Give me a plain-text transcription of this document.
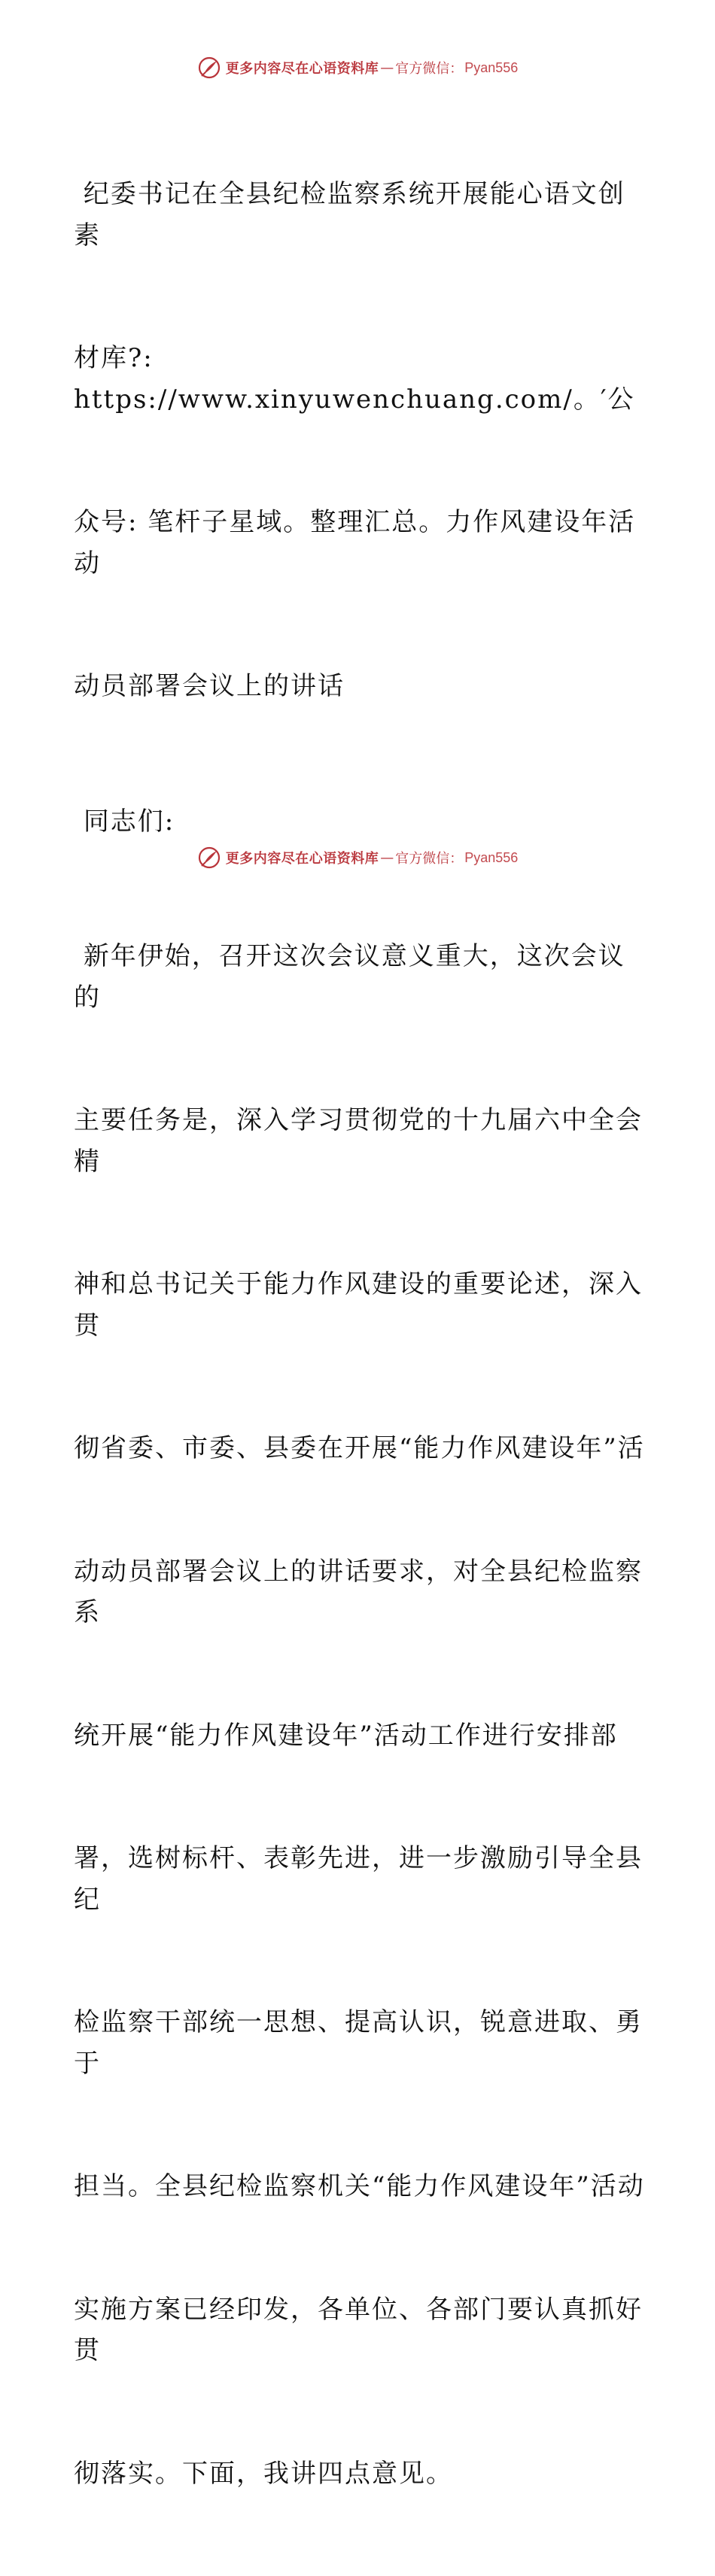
更多内容尽在心语资料库 — 官方微信： Pyan556

纪委书记在全县纪检监察系统开展能心语文创素

材库?: https://www.xinyuwenchuang.com/。′公

众号: 笔杆子星域。整理汇总。力作风建设年活动

动员部署会议上的讲话

同志们:

新年伊始，召开这次会议意义重大，这次会议的

主要任务是，深入学习贯彻党的十九届六中全会精

神和总书记关于能力作风建设的重要论述，深入贯

彻省委、市委、县委在开展“能力作风建设年”活

动动员部署会议上的讲话要求，对全县纪检监察系

统开展“能力作风建设年”活动工作进行安排部

署，选树标杆、表彰先进，进一步激励引导全县纪

检监察干部统一思想、提高认识，锐意进取、勇于

担当。全县纪检监察机关“能力作风建设年”活动

实施方案已经印发，各单位、各部门要认真抓好贯

彻落实。下面，我讲四点意见。

更多内容尽在心语资料库 — 官方微信： Pyan556
